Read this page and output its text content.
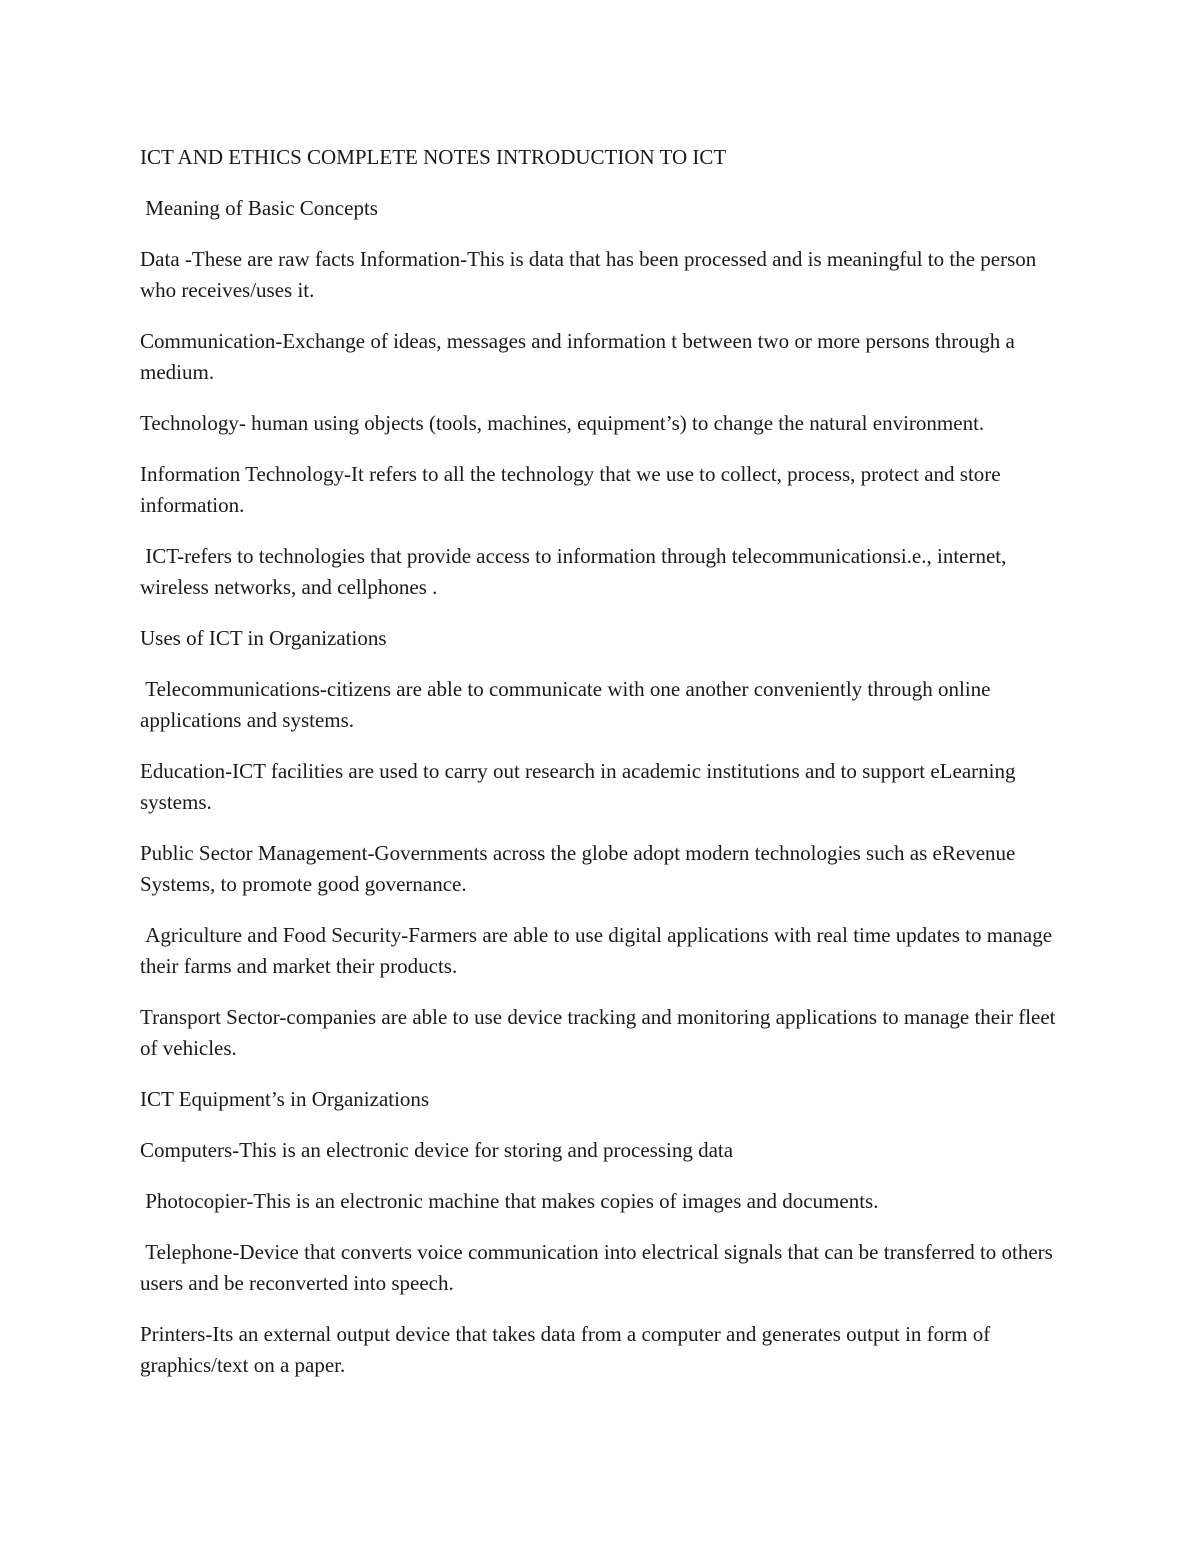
ICT AND ETHICS COMPLETE NOTES INTRODUCTION TO ICT

Meaning of Basic Concepts

Data -These are raw facts Information-This is data that has been processed and is meaningful to the person who receives/uses it.

Communication-Exchange of ideas, messages and information t between two or more persons through a medium.

Technology- human using objects (tools, machines, equipment’s) to change the natural environment.

Information Technology-It refers to all the technology that we use to collect, process, protect and store information.

ICT-refers to technologies that provide access to information through telecommunicationsi.e., internet, wireless networks, and cellphones .

Uses of ICT in Organizations

Telecommunications-citizens are able to communicate with one another conveniently through online applications and systems.

Education-ICT facilities are used to carry out research in academic institutions and to support eLearning systems.

Public Sector Management-Governments across the globe adopt modern technologies such as eRevenue Systems, to promote good governance.

Agriculture and Food Security-Farmers are able to use digital applications with real time updates to manage their farms and market their products.

Transport Sector-companies are able to use device tracking and monitoring applications to manage their fleet of vehicles.

ICT Equipment’s in Organizations

Computers-This is an electronic device for storing and processing data

Photocopier-This is an electronic machine that makes copies of images and documents.

Telephone-Device that converts voice communication into electrical signals that can be transferred to others users and be reconverted into speech.

Printers-Its an external output device that takes data from a computer and generates output in form of graphics/text on a paper.
